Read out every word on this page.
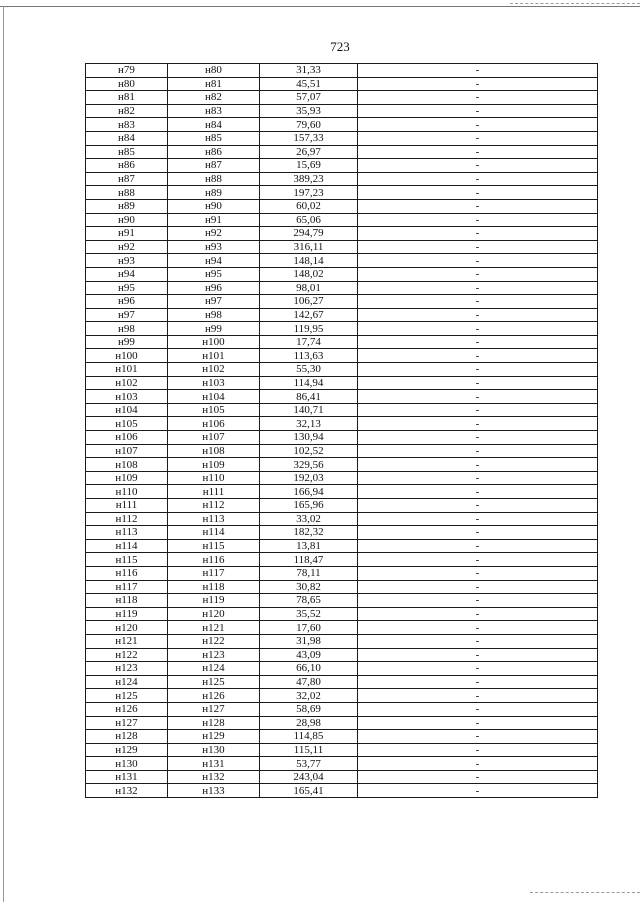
723
н79	н80	31,33	-
н80	н81	45,51	-
н81	н82	57,07	-
н82	н83	35,93	-
н83	н84	79,60	-
н84	н85	157,33	-
н85	н86	26,97	-
н86	н87	15,69	-
н87	н88	389,23	-
н88	н89	197,23	-
н89	н90	60,02	-
н90	н91	65,06	-
н91	н92	294,79	-
н92	н93	316,11	-
н93	н94	148,14	-
н94	н95	148,02	-
н95	н96	98,01	-
н96	н97	106,27	-
н97	н98	142,67	-
н98	н99	119,95	-
н99	н100	17,74	-
н100	н101	113,63	-
н101	н102	55,30	-
н102	н103	114,94	-
н103	н104	86,41	-
н104	н105	140,71	-
н105	н106	32,13	-
н106	н107	130,94	-
н107	н108	102,52	-
н108	н109	329,56	-
н109	н110	192,03	-
н110	н111	166,94	-
н111	н112	165,96	-
н112	н113	33,02	-
н113	н114	182,32	-
н114	н115	13,81	-
н115	н116	118,47	-
н116	н117	78,11	-
н117	н118	30,82	-
н118	н119	78,65	-
н119	н120	35,52	-
н120	н121	17,60	-
н121	н122	31,98	-
н122	н123	43,09	-
н123	н124	66,10	-
н124	н125	47,80	-
н125	н126	32,02	-
н126	н127	58,69	-
н127	н128	28,98	-
н128	н129	114,85	-
н129	н130	115,11	-
н130	н131	53,77	-
н131	н132	243,04	-
н132	н133	165,41	-
